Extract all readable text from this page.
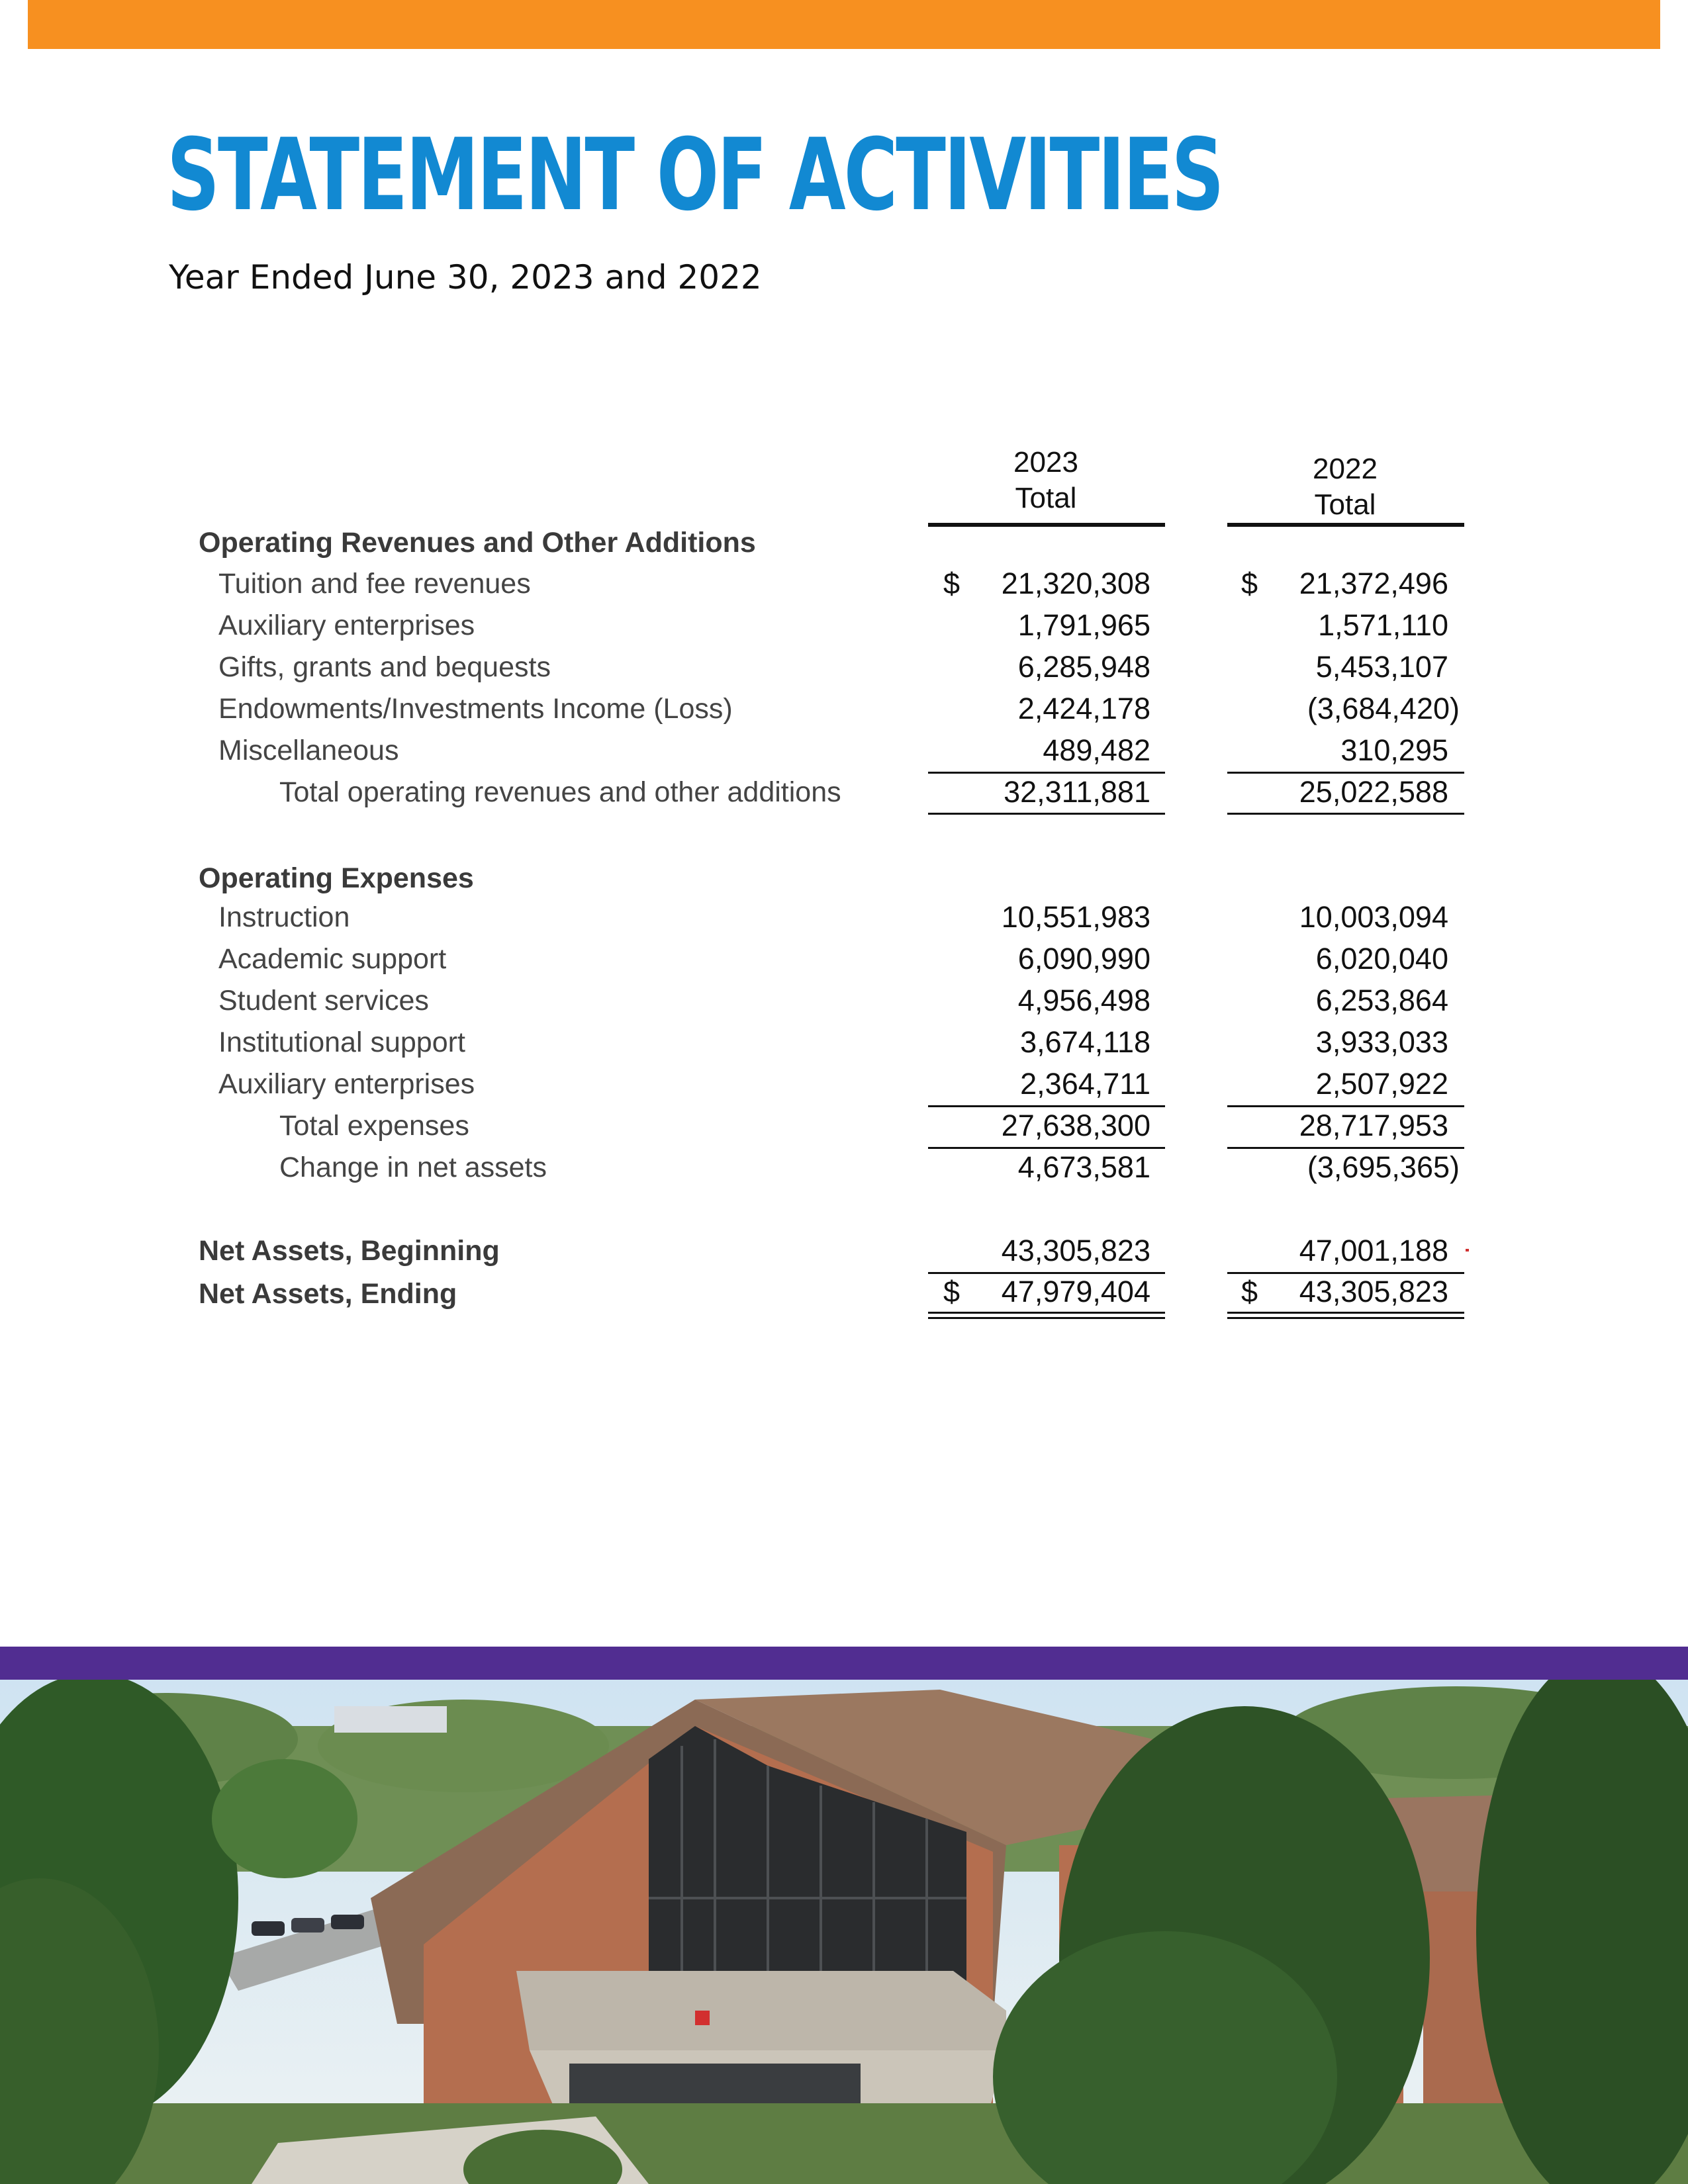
STATEMENT OF ACTIVITIES

Year Ended June 30, 2023 and 2022

2023
Total
2022
Total
Operating Revenues and Other Additions
Tuition and fee revenues	$ 21,320,308	$ 21,372,496
Auxiliary enterprises	1,791,965	1,571,110
Gifts, grants and bequests	6,285,948	5,453,107
Endowments/Investments Income (Loss)	2,424,178	(3,684,420)
Miscellaneous	489,482	310,295
Total operating revenues and other additions	32,311,881	25,022,588
Operating Expenses
Instruction	10,551,983	10,003,094
Academic support	6,090,990	6,020,040
Student services	4,956,498	6,253,864
Institutional support	3,674,118	3,933,033
Auxiliary enterprises	2,364,711	2,507,922
Total expenses	27,638,300	28,717,953
Change in net assets	4,673,581	(3,695,365)
Net Assets, Beginning	43,305,823	47,001,188
Net Assets, Ending	$ 47,979,404	$ 43,305,823
